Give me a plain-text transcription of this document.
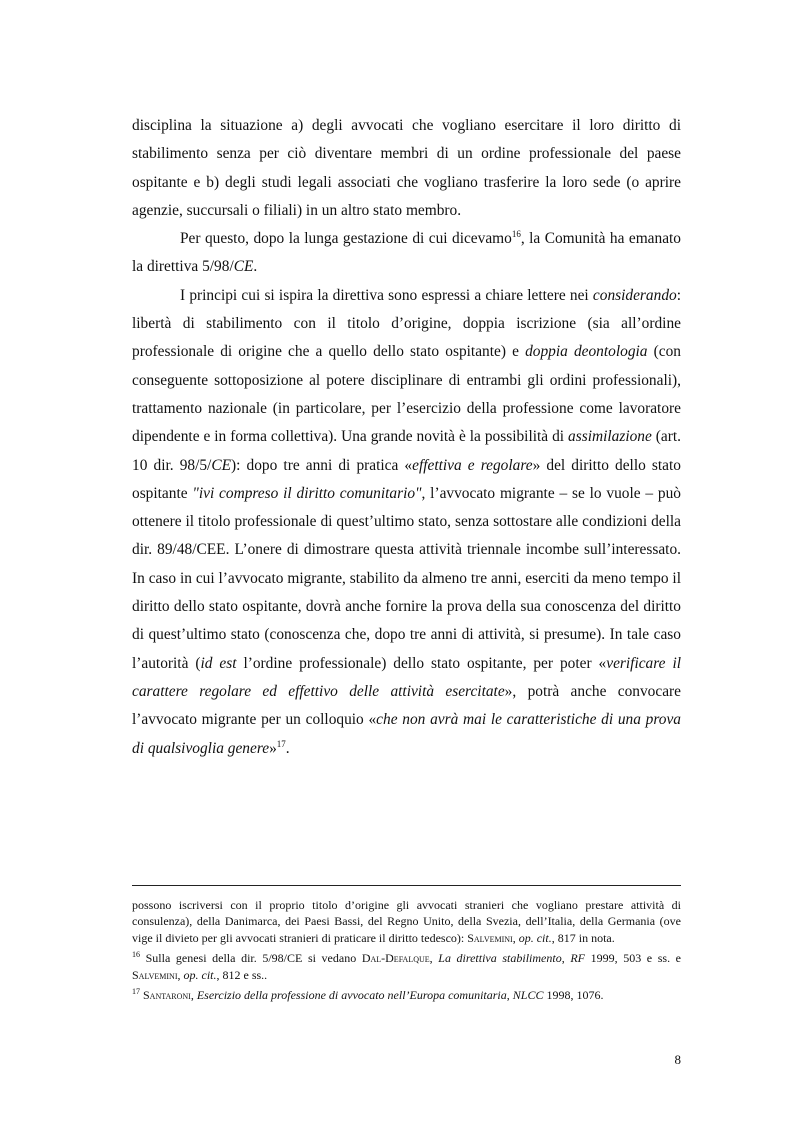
disciplina la situazione a) degli avvocati che vogliano esercitare il loro diritto di stabilimento senza per ciò diventare membri di un ordine professionale del paese ospitante e b) degli studi legali associati che vogliano trasferire la loro sede (o aprire agenzie, succursali o filiali) in un altro stato membro.

Per questo, dopo la lunga gestazione di cui dicevamo$^{16}$, la Comunità ha emanato la direttiva 5/98/CE.

I principi cui si ispira la direttiva sono espressi a chiare lettere nei considerando: libertà di stabilimento con il titolo d’origine, doppia iscrizione (sia all’ordine professionale di origine che a quello dello stato ospitante) e doppia deontologia (con conseguente sottoposizione al potere disciplinare di entrambi gli ordini professionali), trattamento nazionale (in particolare, per l’esercizio della professione come lavoratore dipendente e in forma collettiva). Una grande novità è la possibilità di assimilazione (art. 10 dir. 98/5/CE): dopo tre anni di pratica «effettiva e regolare» del diritto dello stato ospitante "ivi compreso il diritto comunitario", l’avvocato migrante – se lo vuole – può ottenere il titolo professionale di quest’ultimo stato, senza sottostare alle condizioni della dir. 89/48/CEE. L’onere di dimostrare questa attività triennale incombe sull’interessato. In caso in cui l’avvocato migrante, stabilito da almeno tre anni, eserciti da meno tempo il diritto dello stato ospitante, dovrà anche fornire la prova della sua conoscenza del diritto di quest’ultimo stato (conoscenza che, dopo tre anni di attività, si presume). In tale caso l’autorità (id est l’ordine professionale) dello stato ospitante, per poter «verificare il carattere regolare ed effettivo delle attività esercitate», potrà anche convocare l’avvocato migrante per un colloquio «che non avrà mai le caratteristiche di una prova di qualsivoglia genere»$^{17}$.

possono iscriversi con il proprio titolo d’origine gli avvocati stranieri che vogliano prestare attività di consulenza), della Danimarca, dei Paesi Bassi, del Regno Unito, della Svezia, dell’Italia, della Germania (ove vige il divieto per gli avvocati stranieri di praticare il diritto tedesco): Salvemini, op. cit., 817 in nota.

$^{16}$ Sulla genesi della dir. 5/98/CE si vedano Dal-Defalque, La direttiva stabilimento, RF 1999, 503 e ss. e Salvemini, op. cit., 812 e ss..

$^{17}$ Santaroni, Esercizio della professione di avvocato nell’Europa comunitaria, NLCC 1998, 1076.

8
